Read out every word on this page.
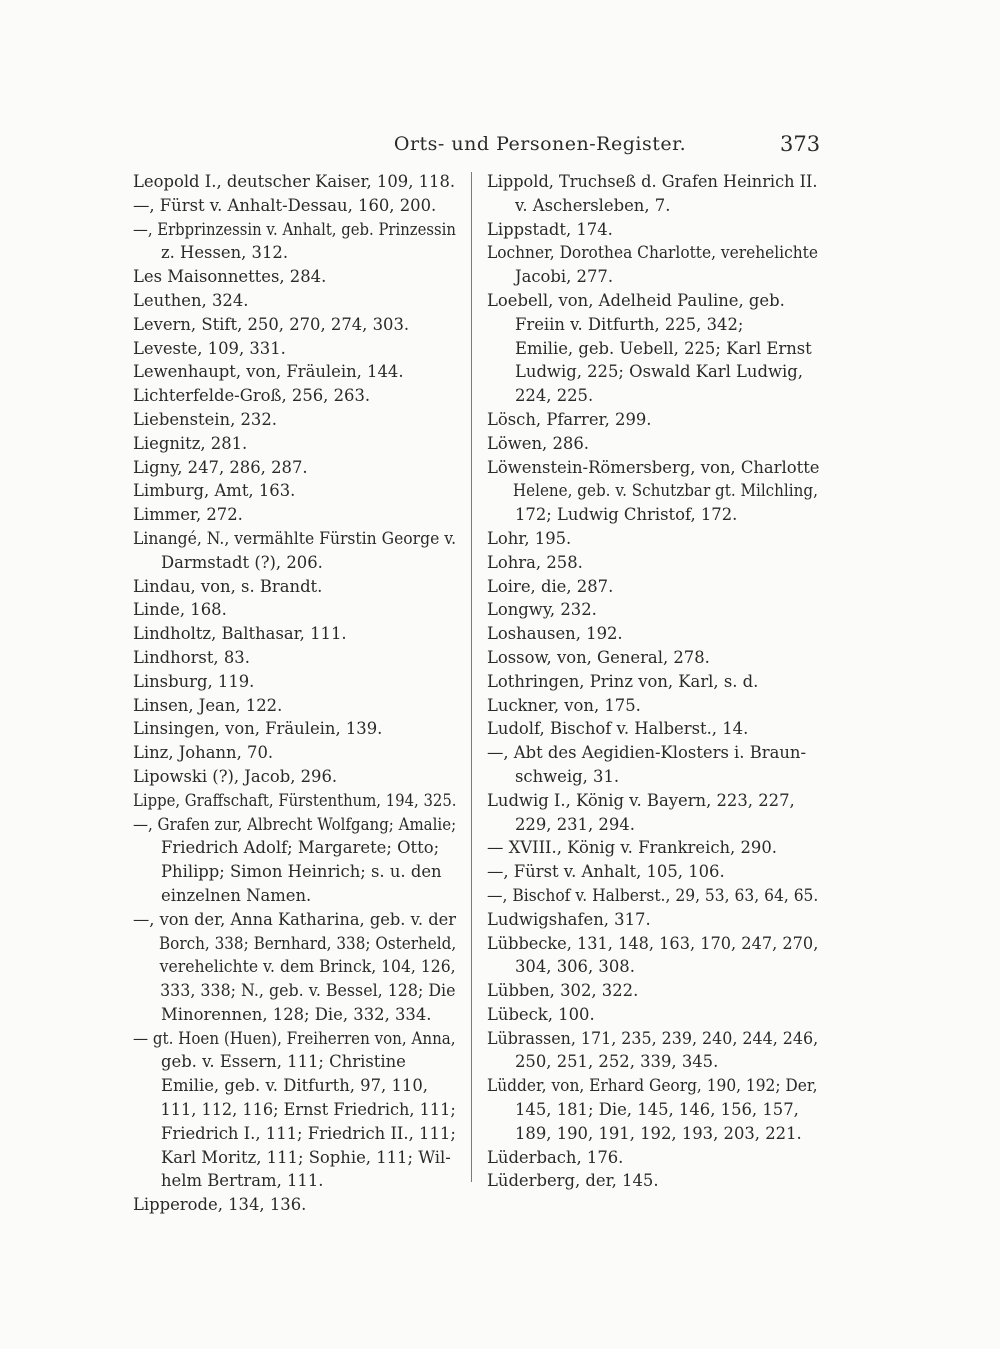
Orts- und Personen-Register.	373
Leopold I., deutscher Kaiser, 109, 118.
—, Fürst v. Anhalt-Dessau, 160, 200.
—, Erbprinzessin v. Anhalt, geb. Prinzessin
z. Hessen, 312.
Les Maisonnettes, 284.
Leuthen, 324.
Levern, Stift, 250, 270, 274, 303.
Leveste, 109, 331.
Lewenhaupt, von, Fräulein, 144.
Lichterfelde-Groß, 256, 263.
Liebenstein, 232.
Liegnitz, 281.
Ligny, 247, 286, 287.
Limburg, Amt, 163.
Limmer, 272.
Linangé, N., vermählte Fürstin George v.
Darmstadt (?), 206.
Lindau, von, s. Brandt.
Linde, 168.
Lindholtz, Balthasar, 111.
Lindhorst, 83.
Linsburg, 119.
Linsen, Jean, 122.
Linsingen, von, Fräulein, 139.
Linz, Johann, 70.
Lipowski (?), Jacob, 296.
Lippe, Graffschaft, Fürstenthum, 194, 325.
—, Grafen zur, Albrecht Wolfgang; Amalie;
Friedrich Adolf; Margarete; Otto;
Philipp; Simon Heinrich; s. u. den
einzelnen Namen.
—, von der, Anna Katharina, geb. v. der
Borch, 338; Bernhard, 338; Osterheld,
verehelichte v. dem Brinck, 104, 126,
333, 338; N., geb. v. Bessel, 128; Die
Minorennen, 128; Die, 332, 334.
— gt. Hoen (Huen), Freiherren von, Anna,
geb. v. Essern, 111; Christine
Emilie, geb. v. Ditfurth, 97, 110,
111, 112, 116; Ernst Friedrich, 111;
Friedrich I., 111; Friedrich II., 111;
Karl Moritz, 111; Sophie, 111; Wil-
helm Bertram, 111.
Lipperode, 134, 136.
Lippold, Truchseß d. Grafen Heinrich II.
v. Aschersleben, 7.
Lippstadt, 174.
Lochner, Dorothea Charlotte, verehelichte
Jacobi, 277.
Loebell, von, Adelheid Pauline, geb.
Freiin v. Ditfurth, 225, 342;
Emilie, geb. Uebell, 225; Karl Ernst
Ludwig, 225; Oswald Karl Ludwig,
224, 225.
Lösch, Pfarrer, 299.
Löwen, 286.
Löwenstein-Römersberg, von, Charlotte
Helene, geb. v. Schutzbar gt. Milchling,
172; Ludwig Christof, 172.
Lohr, 195.
Lohra, 258.
Loire, die, 287.
Longwy, 232.
Loshausen, 192.
Lossow, von, General, 278.
Lothringen, Prinz von, Karl, s. d.
Luckner, von, 175.
Ludolf, Bischof v. Halberst., 14.
—, Abt des Aegidien-Klosters i. Braun-
schweig, 31.
Ludwig I., König v. Bayern, 223, 227,
229, 231, 294.
— XVIII., König v. Frankreich, 290.
—, Fürst v. Anhalt, 105, 106.
—, Bischof v. Halberst., 29, 53, 63, 64, 65.
Ludwigshafen, 317.
Lübbecke, 131, 148, 163, 170, 247, 270,
304, 306, 308.
Lübben, 302, 322.
Lübeck, 100.
Lübrassen, 171, 235, 239, 240, 244, 246,
250, 251, 252, 339, 345.
Lüdder, von, Erhard Georg, 190, 192; Der,
145, 181; Die, 145, 146, 156, 157,
189, 190, 191, 192, 193, 203, 221.
Lüderbach, 176.
Lüderberg, der, 145.
